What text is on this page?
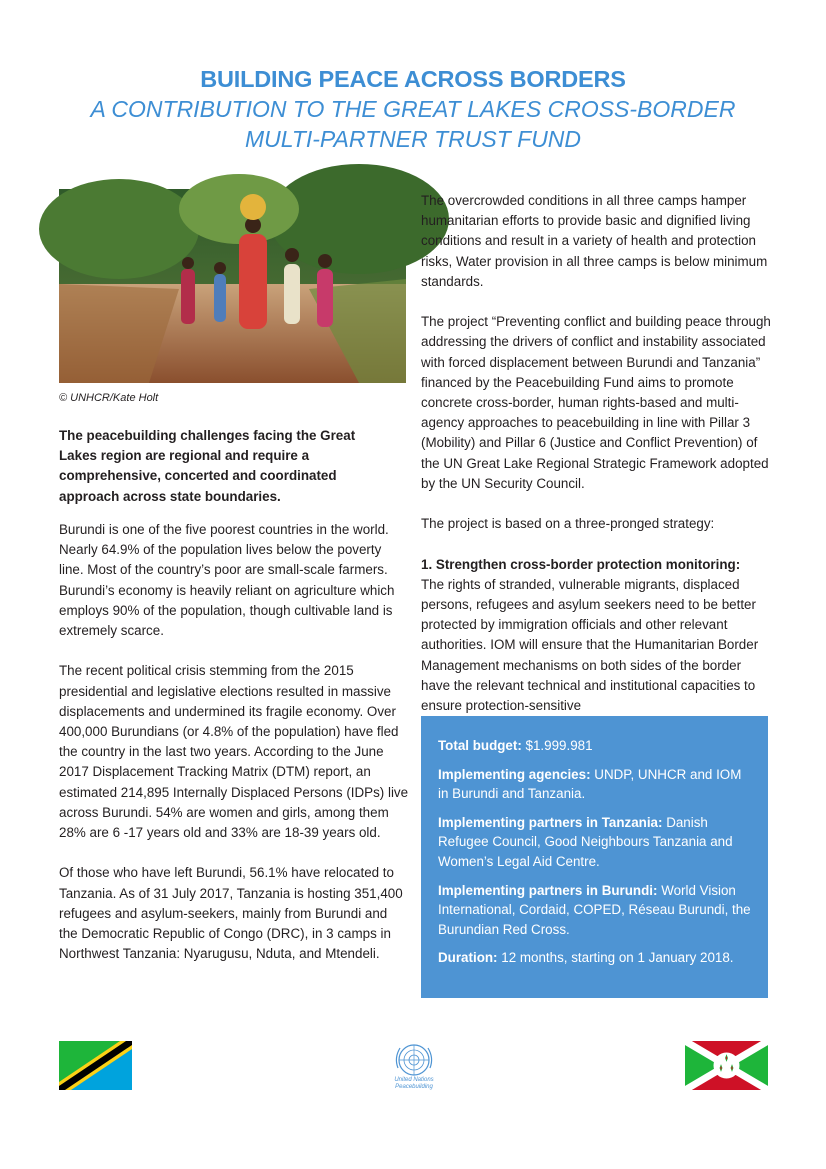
BUILDING PEACE ACROSS BORDERS
A CONTRIBUTION TO THE GREAT LAKES CROSS-BORDER
MULTI-PARTNER TRUST FUND
© UNHCR/Kate Holt
The peacebuilding challenges facing the Great Lakes region are regional and require a comprehensive, concerted and coordinated approach across state boundaries.

Burundi is one of the five poorest countries in the world. Nearly 64.9% of the population lives below the poverty line. Most of the country’s poor are small-scale farmers. Burundi’s economy is heavily reliant on agriculture which employs 90% of the population, though cultivable land is extremely scarce.

The recent political crisis stemming from the 2015 presidential and legislative elections resulted in massive displacements and undermined its fragile economy. Over 400,000 Burundians (or 4.8% of the population) have fled the country in the last two years. According to the June 2017 Displacement Tracking Matrix (DTM) report, an estimated 214,895 Internally Displaced Persons (IDPs) live across Burundi. 54% are women and girls, among them 28% are 6 -17 years old and 33% are 18-39 years old.

Of those who have left Burundi, 56.1% have relocated to Tanzania. As of 31 July 2017, Tanzania is hosting 351,400 refugees and asylum-seekers, mainly from Burundi and the Democratic Republic of Congo (DRC), in 3 camps in Northwest Tanzania: Nyarugusu, Nduta, and Mtendeli.

The overcrowded conditions in all three camps hamper humanitarian efforts to provide basic and dignified living conditions and result in a variety of health and protection risks, Water provision in all three camps is below minimum standards.

The project “Preventing conflict and building peace through addressing the drivers of conflict and instability associated with forced displacement between Burundi and Tanzania” financed by the Peacebuilding Fund aims to promote concrete cross-border, human rights-based and multi-agency approaches to peacebuilding in line with Pillar 3 (Mobility) and Pillar 6 (Justice and Conflict Prevention) of the UN Great Lake Regional Strategic Framework adopted by the UN Security Council.

The project is based on a three-pronged strategy:

1. Strengthen cross-border protection monitoring:
The rights of stranded, vulnerable migrants, displaced persons, refugees and asylum seekers need to be better protected by immigration officials and other relevant authorities. IOM will ensure that the Humanitarian Border Management mechanisms on both sides of the border have the relevant technical and institutional capacities to ensure protection-sensitive

Total budget: $1.999.981

Implementing agencies: UNDP, UNHCR and IOM in Burundi and Tanzania.

Implementing partners in Tanzania: Danish Refugee Council, Good Neighbours Tanzania and Women’s Legal Aid Centre.

Implementing partners in Burundi: World Vision International, Cordaid, COPED, Réseau Burundi, the Burundian Red Cross.

Duration: 12 months, starting on 1 January 2018.

United Nations Peacebuilding
